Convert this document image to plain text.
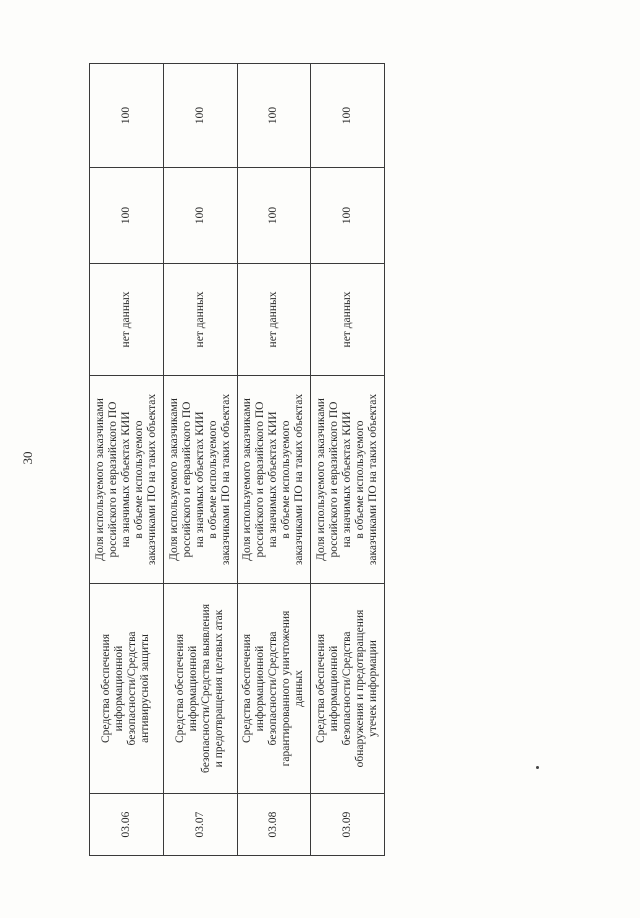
30
03.06	Средства обеспечения
информационной
безопасности/Средства
антивирусной защиты	Доля используемого заказчиками
российского и евразийского ПО
на значимых объектах КИИ
в объеме используемого
заказчиками ПО на таких объектах	нет данных	100	100
03.07	Средства обеспечения
информационной
безопасности/Средства выявления
и предотвращения целевых атак	Доля используемого заказчиками
российского и евразийского ПО
на значимых объектах КИИ
в объеме используемого
заказчиками ПО на таких объектах	нет данных	100	100
03.08	Средства обеспечения
информационной
безопасности/Средства
гарантированного уничтожения
данных	Доля используемого заказчиками
российского и евразийского ПО
на значимых объектах КИИ
в объеме используемого
заказчиками ПО на таких объектах	нет данных	100	100
03.09	Средства обеспечения
информационной
безопасности/Средства
обнаружения и предотвращения
утечек информации	Доля используемого заказчиками
российского и евразийского ПО
на значимых объектах КИИ
в объеме используемого
заказчиками ПО на таких объектах	нет данных	100	100
